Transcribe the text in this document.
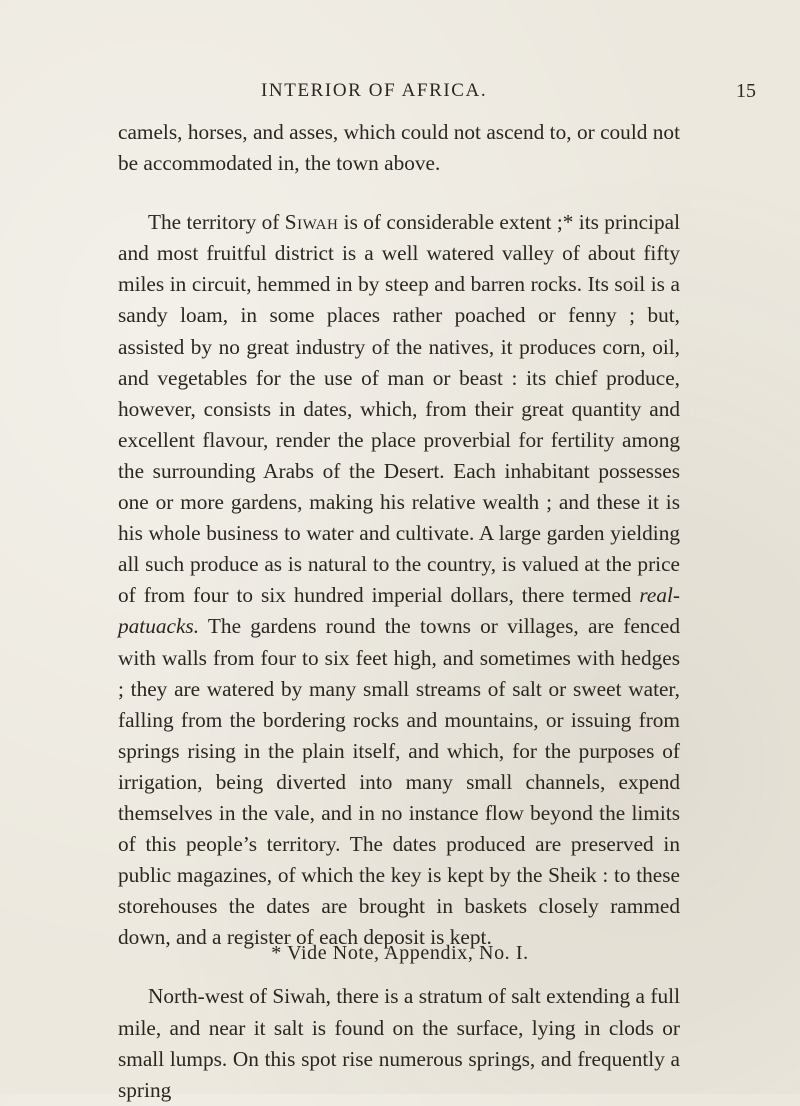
INTERIOR OF AFRICA.	15

camels, horses, and asses, which could not ascend to, or could not be accommodated in, the town above.

The territory of Siwah is of considerable extent ;* its principal and most fruitful district is a well watered valley of about fifty miles in circuit, hemmed in by steep and barren rocks. Its soil is a sandy loam, in some places rather poached or fenny ; but, assisted by no great industry of the natives, it produces corn, oil, and vegetables for the use of man or beast : its chief produce, however, consists in dates, which, from their great quantity and excellent flavour, render the place proverbial for fertility among the surrounding Arabs of the Desert. Each inhabitant possesses one or more gardens, making his relative wealth ; and these it is his whole business to water and cultivate. A large garden yielding all such produce as is natural to the country, is valued at the price of from four to six hundred imperial dollars, there termed real-patuacks. The gardens round the towns or villages, are fenced with walls from four to six feet high, and sometimes with hedges ; they are watered by many small streams of salt or sweet water, falling from the bordering rocks and mountains, or issuing from springs rising in the plain itself, and which, for the purposes of irrigation, being diverted into many small channels, expend themselves in the vale, and in no instance flow beyond the limits of this people’s territory. The dates produced are preserved in public magazines, of which the key is kept by the Sheik : to these storehouses the dates are brought in baskets closely rammed down, and a register of each deposit is kept.

North-west of Siwah, there is a stratum of salt extending a full mile, and near it salt is found on the surface, lying in clods or small lumps. On this spot rise numerous springs, and frequently a spring

* Vide Note, Appendix, No. I.
